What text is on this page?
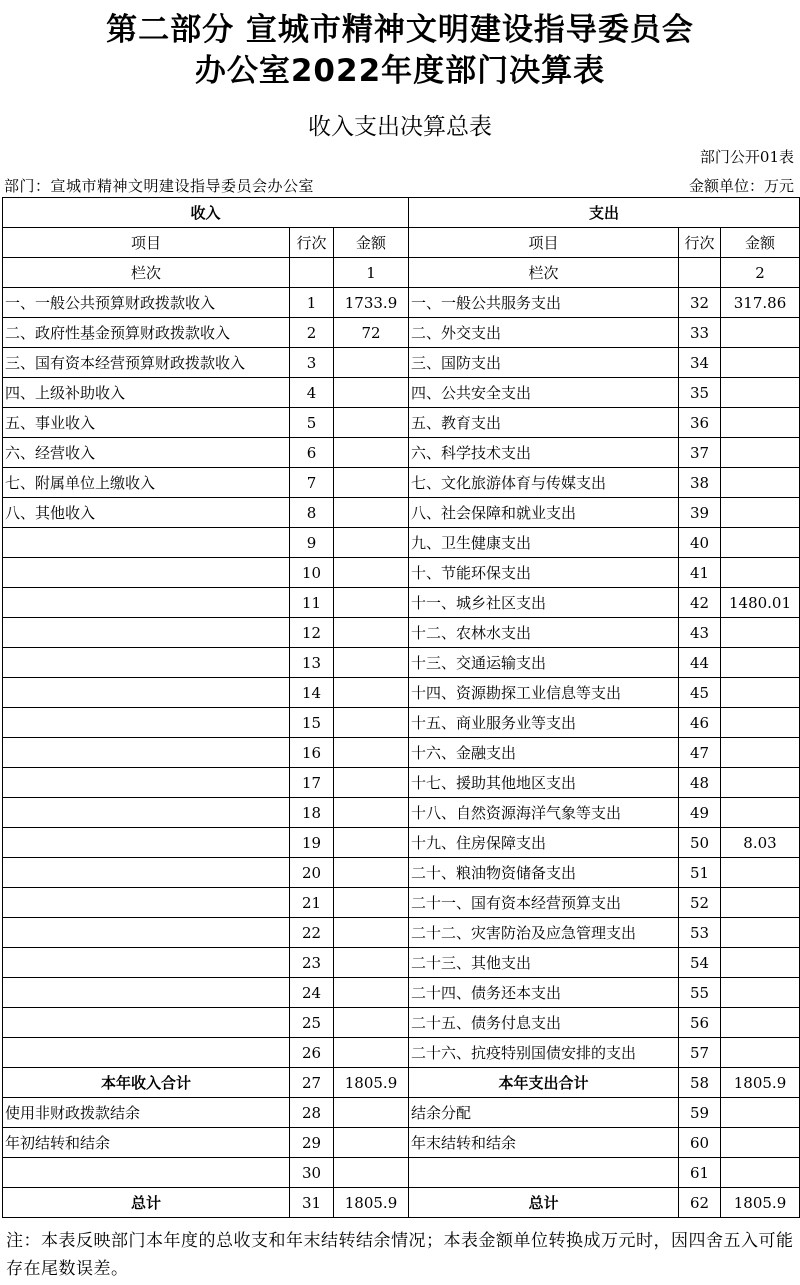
第二部分 宣城市精神文明建设指导委员会
办公室2022年度部门决算表
收入支出决算总表
部门公开01表
部门：宣城市精神文明建设指导委员会办公室	金额单位：万元
收入			支出		
项目	行次	金额	项目	行次	金额
栏次		1	栏次		2
一、一般公共预算财政拨款收入	1	1733.9	一、一般公共服务支出	32	317.86
二、政府性基金预算财政拨款收入	2	72	二、外交支出	33	
三、国有资本经营预算财政拨款收入	3		三、国防支出	34	
四、上级补助收入	4		四、公共安全支出	35	
五、事业收入	5		五、教育支出	36	
六、经营收入	6		六、科学技术支出	37	
七、附属单位上缴收入	7		七、文化旅游体育与传媒支出	38	
八、其他收入	8		八、社会保障和就业支出	39	
	9		九、卫生健康支出	40	
	10		十、节能环保支出	41	
	11		十一、城乡社区支出	42	1480.01
	12		十二、农林水支出	43	
	13		十三、交通运输支出	44	
	14		十四、资源勘探工业信息等支出	45	
	15		十五、商业服务业等支出	46	
	16		十六、金融支出	47	
	17		十七、援助其他地区支出	48	
	18		十八、自然资源海洋气象等支出	49	
	19		十九、住房保障支出	50	8.03
	20		二十、粮油物资储备支出	51	
	21		二十一、国有资本经营预算支出	52	
	22		二十二、灾害防治及应急管理支出	53	
	23		二十三、其他支出	54	
	24		二十四、债务还本支出	55	
	25		二十五、债务付息支出	56	
	26		二十六、抗疫特别国债安排的支出	57	
本年收入合计	27	1805.9	本年支出合计	58	1805.9
使用非财政拨款结余	28		结余分配	59	
年初结转和结余	29		年末结转和结余	60	
	30			61	
总计	31	1805.9	总计	62	1805.9
注：本表反映部门本年度的总收支和年末结转结余情况；本表金额单位转换成万元时，因四舍五入可能存在尾数误差。
